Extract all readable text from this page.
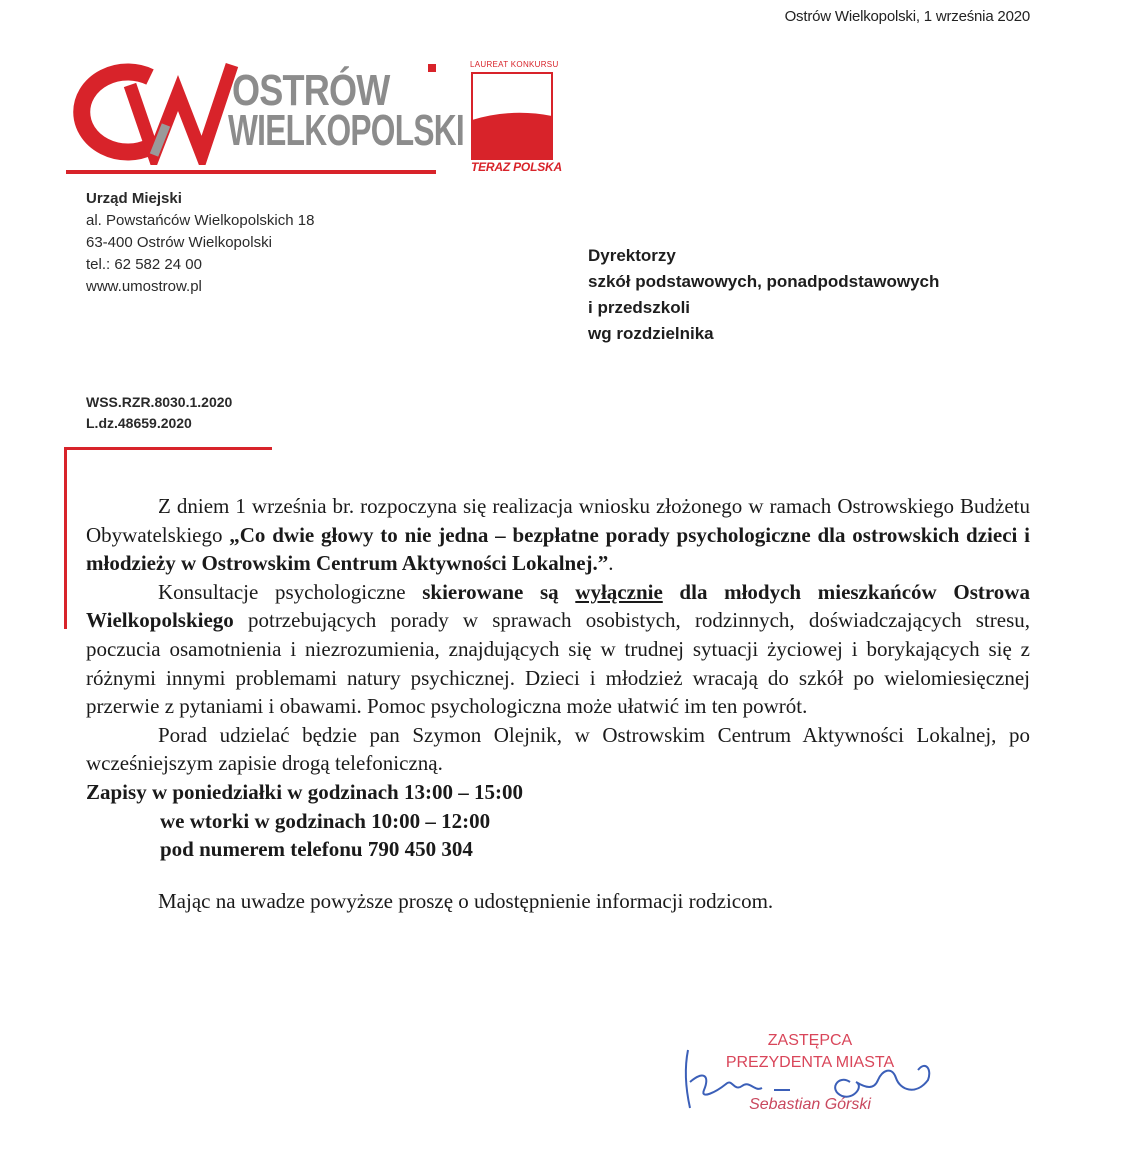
Ostrów Wielkopolski, 1 września 2020
OSTRÓW
WIELKOPOLSKI
LAUREAT KONKURSU
TERAZ POLSKA
Urząd Miejski
al. Powstańców Wielkopolskich 18
63-400 Ostrów Wielkopolski
tel.: 62 582 24 00
www.umostrow.pl
Dyrektorzy
szkół podstawowych, ponadpodstawowych
i przedszkoli
wg rozdzielnika
WSS.RZR.8030.1.2020
L.dz.48659.2020

Z dniem 1 września br. rozpoczyna się realizacja wniosku złożonego w ramach Ostrowskiego Budżetu Obywatelskiego „Co dwie głowy to nie jedna – bezpłatne porady psychologiczne dla ostrowskich dzieci i młodzieży w Ostrowskim Centrum Aktywności Lokalnej.”.

Konsultacje psychologiczne skierowane są wyłącznie dla młodych mieszkańców Ostrowa Wielkopolskiego potrzebujących porady w sprawach osobistych, rodzinnych, doświadczających stresu, poczucia osamotnienia i niezrozumienia, znajdujących się w trudnej sytuacji życiowej i borykających się z różnymi innymi problemami natury psychicznej. Dzieci i młodzież wracają do szkół po wielomiesięcznej przerwie z pytaniami i obawami. Pomoc psychologiczna może ułatwić im ten powrót.

Porad udzielać będzie pan Szymon Olejnik, w Ostrowskim Centrum Aktywności Lokalnej, po wcześniejszym zapisie drogą telefoniczną.

Zapisy w poniedziałki w godzinach 13:00 – 15:00
we wtorki w godzinach 10:00 – 12:00
pod numerem telefonu 790 450 304

Mając na uwadze powyższe proszę o udostępnienie informacji rodzicom.

ZASTĘPCA
PREZYDENTA MIASTA
Sebastian Górski
